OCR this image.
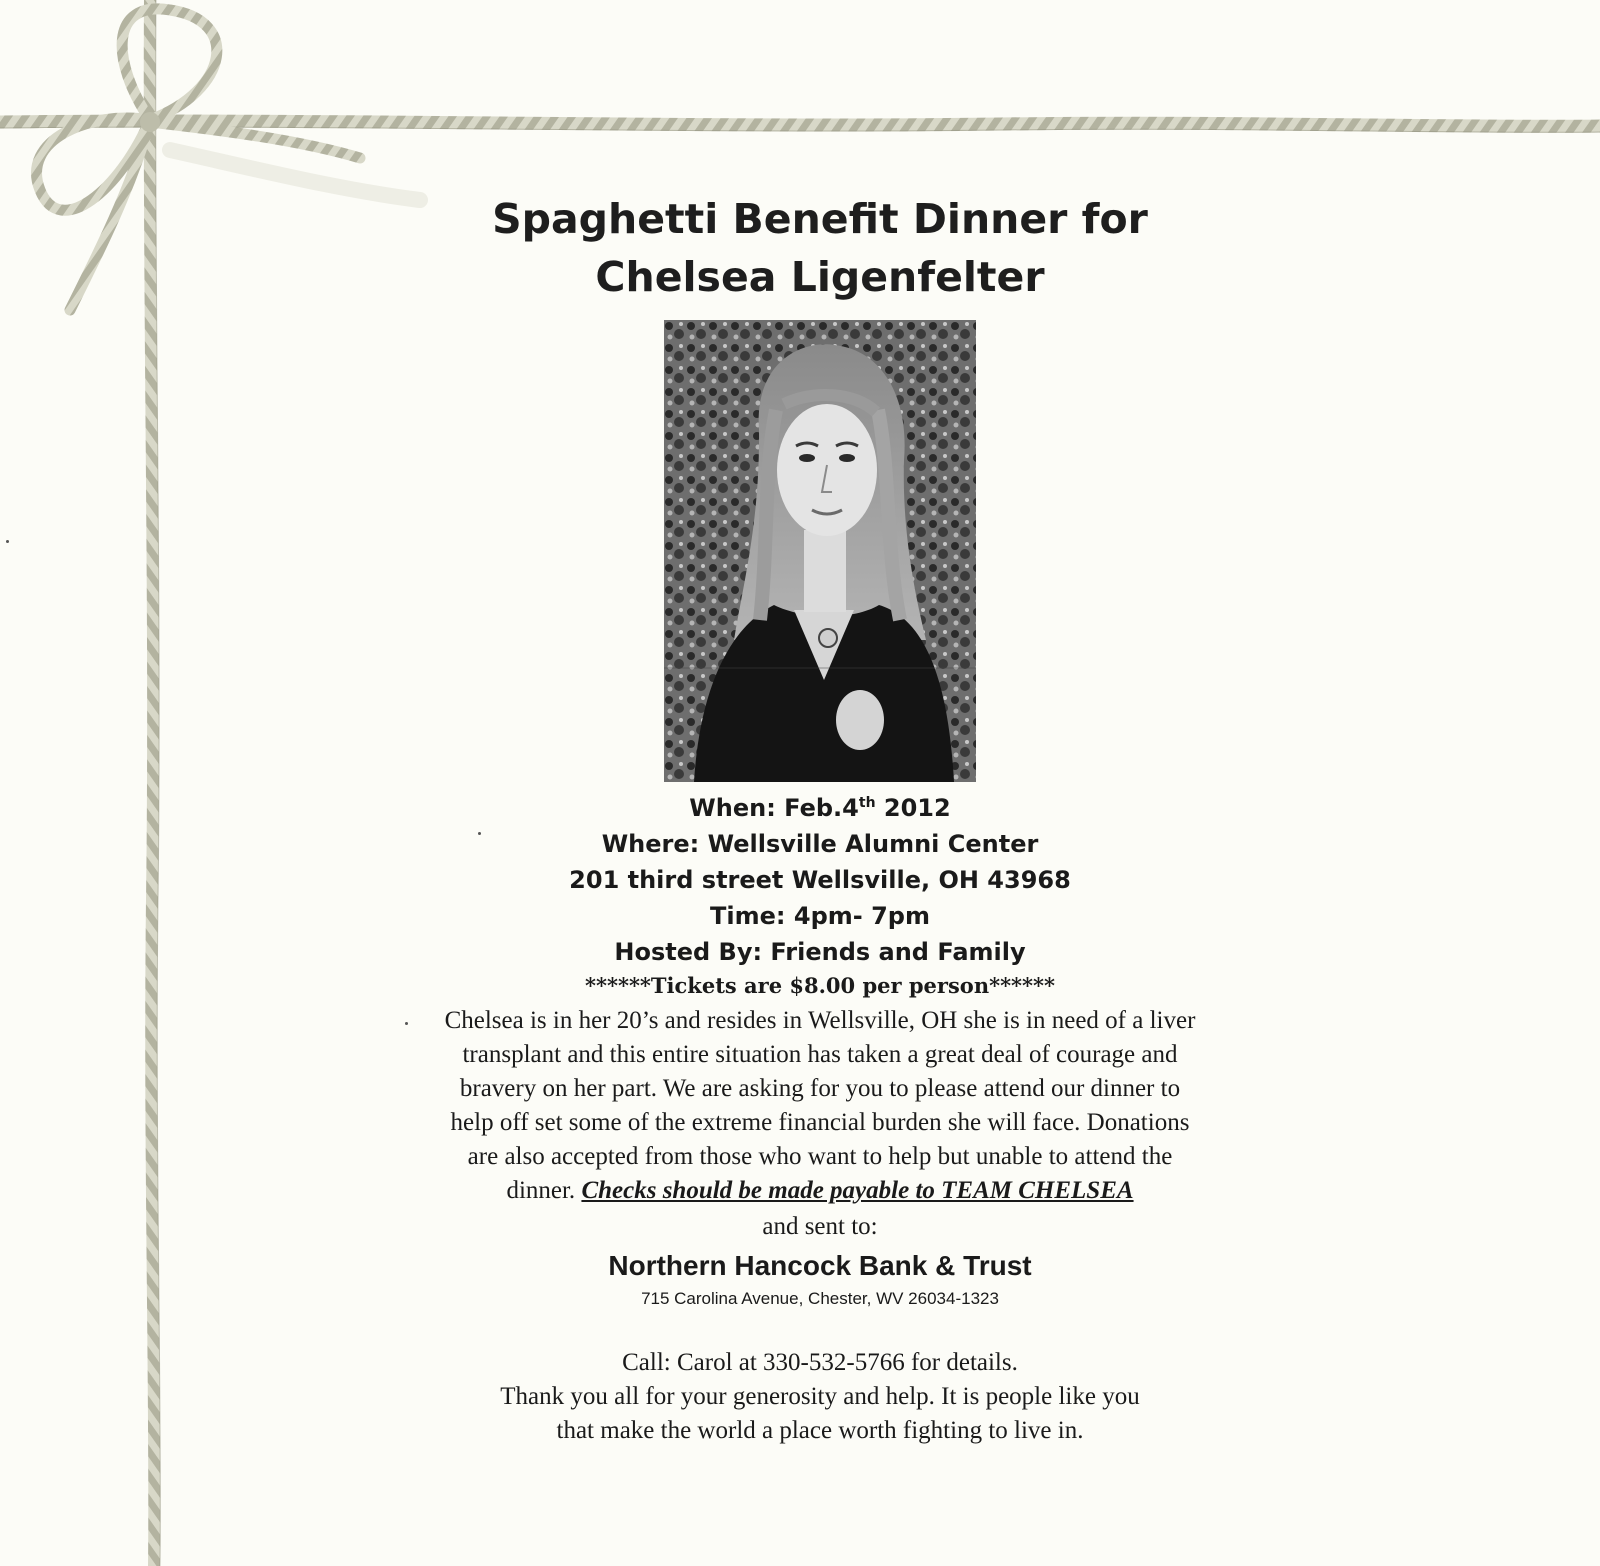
Spaghetti Benefit Dinner for
Chelsea Ligenfelter
When: Feb.4th 2012
Where: Wellsville Alumni Center
201 third street Wellsville, OH 43968
Time: 4pm- 7pm
Hosted By: Friends and Family
******Tickets are $8.00 per person******
Chelsea is in her 20’s and resides in Wellsville, OH she is in need of a liver transplant and this entire situation has taken a great deal of courage and bravery on her part. We are asking for you to please attend our dinner to help off set some of the extreme financial burden she will face. Donations are also accepted from those who want to help but unable to attend the dinner. Checks should be made payable to TEAM CHELSEA
and sent to:
Northern Hancock Bank & Trust
715 Carolina Avenue, Chester, WV 26034-1323
Call: Carol at 330-532-5766 for details.
Thank you all for your generosity and help. It is people like you
that make the world a place worth fighting to live in.
